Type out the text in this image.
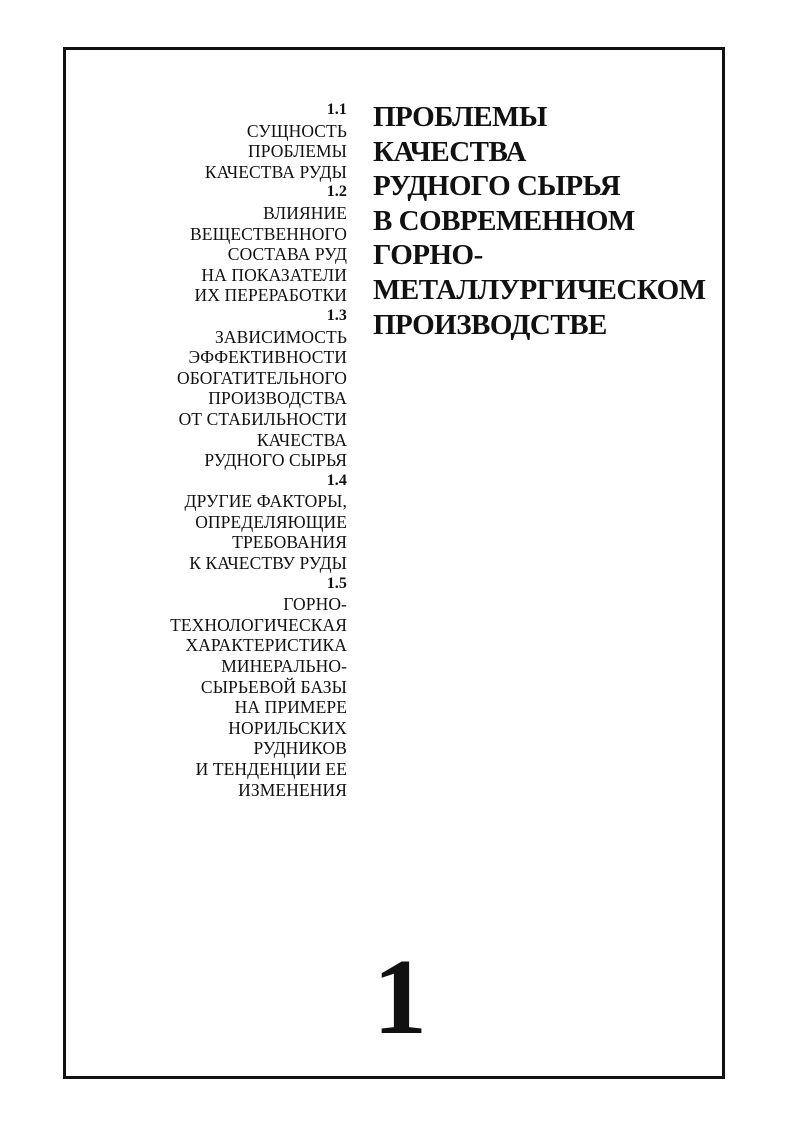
1.1
СУЩНОСТЬ
ПРОБЛЕМЫ
КАЧЕСТВА РУДЫ
1.2
ВЛИЯНИЕ
ВЕЩЕСТВЕННОГО
СОСТАВА РУД
НА ПОКАЗАТЕЛИ
ИХ ПЕРЕРАБОТКИ
1.3
ЗАВИСИМОСТЬ
ЭФФЕКТИВНОСТИ
ОБОГАТИТЕЛЬНОГО
ПРОИЗВОДСТВА
ОТ СТАБИЛЬНОСТИ
КАЧЕСТВА
РУДНОГО СЫРЬЯ
1.4
ДРУГИЕ ФАКТОРЫ,
ОПРЕДЕЛЯЮЩИЕ
ТРЕБОВАНИЯ
К КАЧЕСТВУ РУДЫ
1.5
ГОРНО-
ТЕХНОЛОГИЧЕСКАЯ
ХАРАКТЕРИСТИКА
МИНЕРАЛЬНО-
СЫРЬЕВОЙ БАЗЫ
НА ПРИМЕРЕ
НОРИЛЬСКИХ
РУДНИКОВ
И ТЕНДЕНЦИИ ЕЕ
ИЗМЕНЕНИЯ
ПРОБЛЕМЫ
КАЧЕСТВА
РУДНОГО СЫРЬЯ
В СОВРЕМЕННОМ
ГОРНО-
МЕТАЛЛУРГИЧЕСКОМ
ПРОИЗВОДСТВЕ
1
